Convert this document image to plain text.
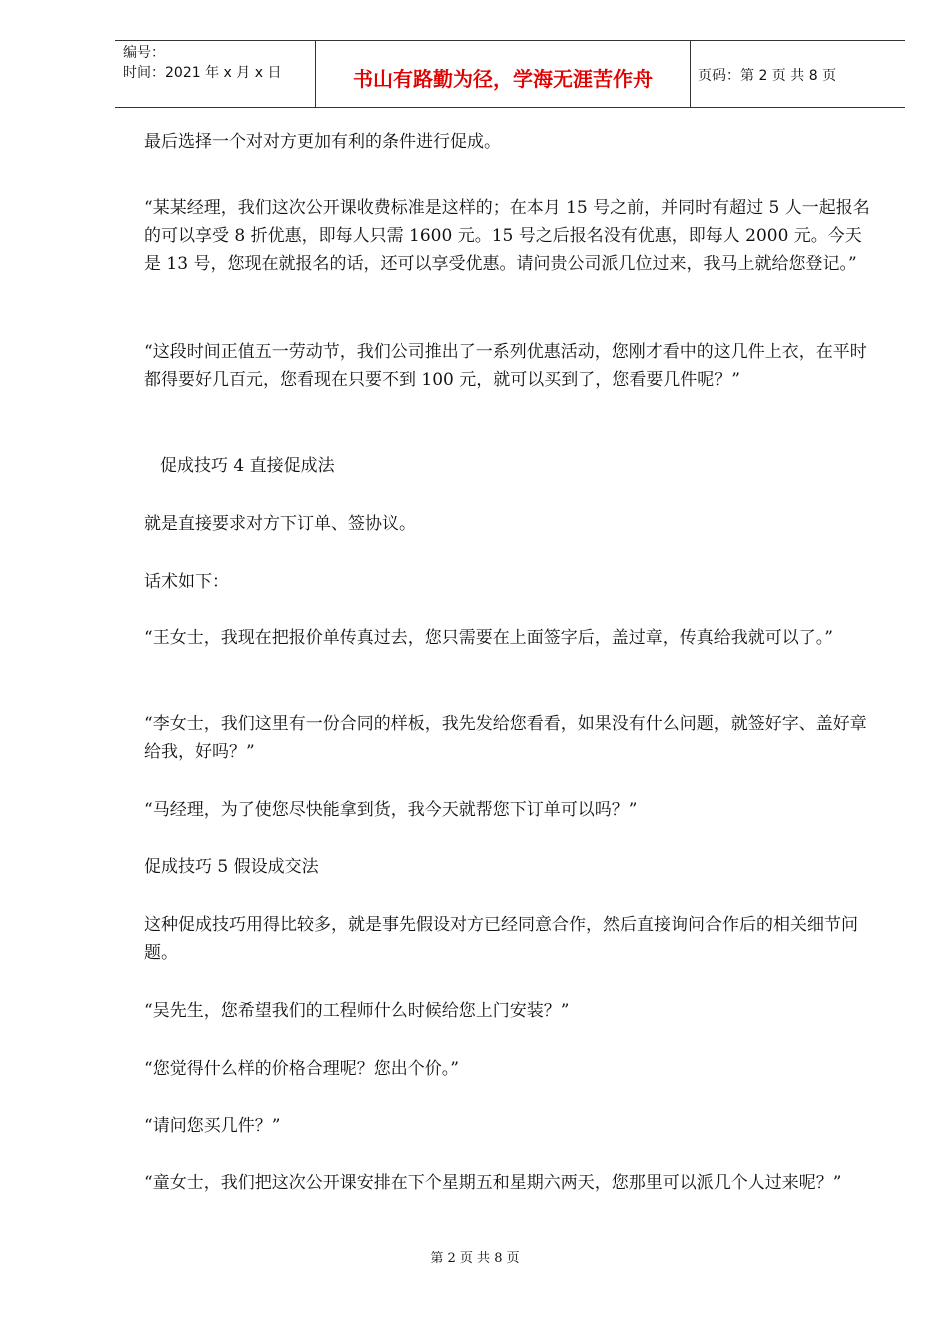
编号：
时间：2021 年 x 月 x 日	书山有路勤为径，学海无涯苦作舟	页码：第 2 页 共 8 页

最后选择一个对对方更加有利的条件进行促成。

“某某经理，我们这次公开课收费标准是这样的；在本月 15 号之前，并同时有超过 5 人一起报名的可以享受 8 折优惠，即每人只需 1600 元。15 号之后报名没有优惠，即每人 2000 元。今天是 13 号，您现在就报名的话，还可以享受优惠。请问贵公司派几位过来，我马上就给您登记。”

“这段时间正值五一劳动节，我们公司推出了一系列优惠活动，您刚才看中的这几件上衣，在平时都得要好几百元，您看现在只要不到 100 元，就可以买到了，您看要几件呢？”

促成技巧 4 直接促成法

就是直接要求对方下订单、签协议。

话术如下：

“王女士，我现在把报价单传真过去，您只需要在上面签字后，盖过章，传真给我就可以了。”

“李女士，我们这里有一份合同的样板，我先发给您看看，如果没有什么问题，就签好字、盖好章给我，好吗？”

“马经理，为了使您尽快能拿到货，我今天就帮您下订单可以吗？”

促成技巧 5 假设成交法

这种促成技巧用得比较多，就是事先假设对方已经同意合作，然后直接询问合作后的相关细节问题。

“吴先生，您希望我们的工程师什么时候给您上门安装？”

“您觉得什么样的价格合理呢？您出个价。”

“请问您买几件？”

“童女士，我们把这次公开课安排在下个星期五和星期六两天，您那里可以派几个人过来呢？”

第 2 页 共 8 页
